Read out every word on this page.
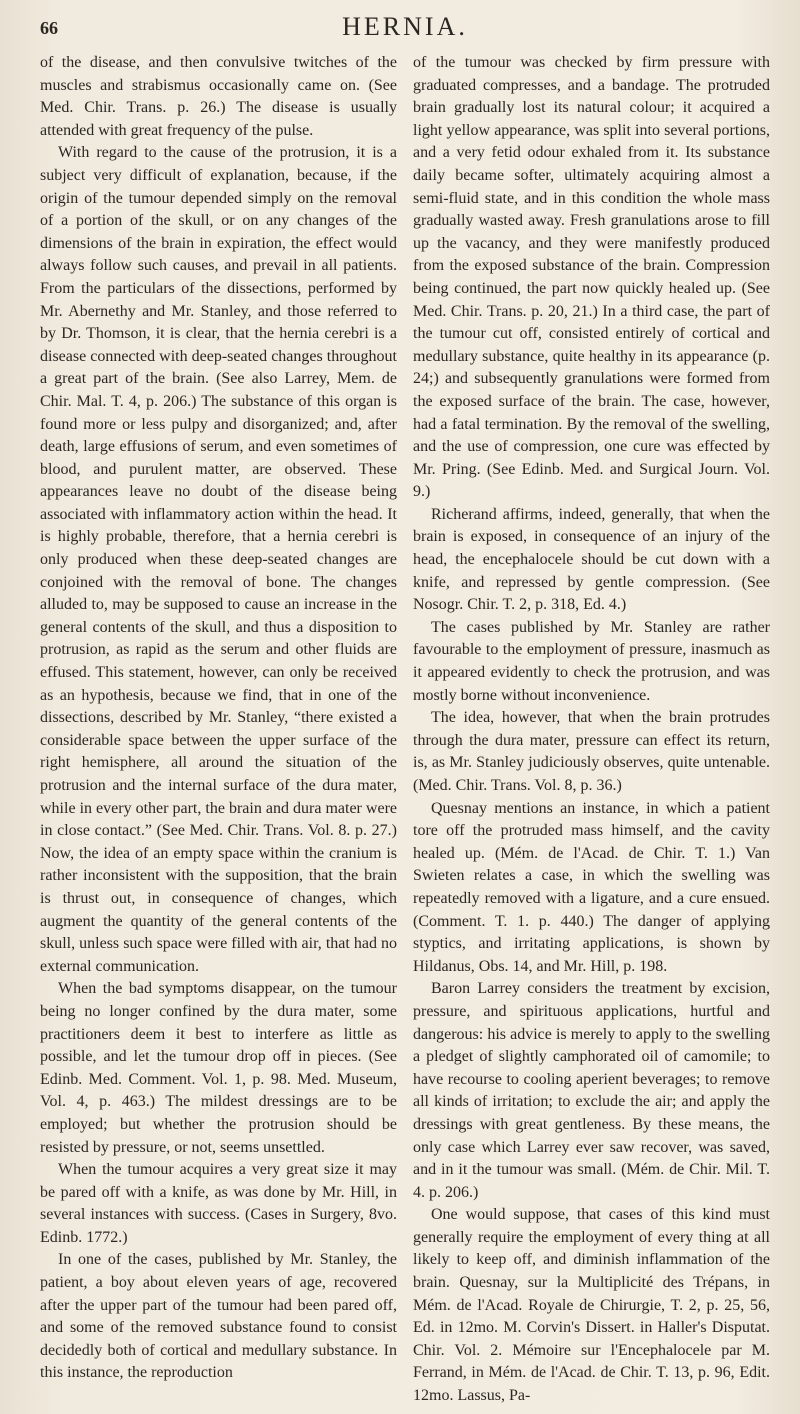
66	HERNIA.

of the disease, and then convulsive twitches of the muscles and strabismus occasionally came on. (See Med. Chir. Trans. p. 26.) The disease is usually attended with great frequency of the pulse.

With regard to the cause of the protrusion, it is a subject very difficult of explanation, because, if the origin of the tumour depended simply on the removal of a portion of the skull, or on any changes of the dimensions of the brain in expiration, the effect would always follow such causes, and prevail in all patients. From the particulars of the dissections, performed by Mr. Abernethy and Mr. Stanley, and those referred to by Dr. Thomson, it is clear, that the hernia cerebri is a disease connected with deep-seated changes throughout a great part of the brain. (See also Larrey, Mem. de Chir. Mal. T. 4, p. 206.) The substance of this organ is found more or less pulpy and disorganized; and, after death, large effusions of serum, and even sometimes of blood, and purulent matter, are observed. These appearances leave no doubt of the disease being associated with inflammatory action within the head. It is highly probable, therefore, that a hernia cerebri is only produced when these deep-seated changes are conjoined with the removal of bone. The changes alluded to, may be supposed to cause an increase in the general contents of the skull, and thus a disposition to protrusion, as rapid as the serum and other fluids are effused. This statement, however, can only be received as an hypothesis, because we find, that in one of the dissections, described by Mr. Stanley, “there existed a considerable space between the upper surface of the right hemisphere, all around the situation of the protrusion and the internal surface of the dura mater, while in every other part, the brain and dura mater were in close contact.” (See Med. Chir. Trans. Vol. 8. p. 27.) Now, the idea of an empty space within the cranium is rather inconsistent with the supposition, that the brain is thrust out, in consequence of changes, which augment the quantity of the general contents of the skull, unless such space were filled with air, that had no external communication.

When the bad symptoms disappear, on the tumour being no longer confined by the dura mater, some practitioners deem it best to interfere as little as possible, and let the tumour drop off in pieces. (See Edinb. Med. Comment. Vol. 1, p. 98. Med. Museum, Vol. 4, p. 463.) The mildest dressings are to be employed; but whether the protrusion should be resisted by pressure, or not, seems unsettled.

When the tumour acquires a very great size it may be pared off with a knife, as was done by Mr. Hill, in several instances with success. (Cases in Surgery, 8vo. Edinb. 1772.)

In one of the cases, published by Mr. Stanley, the patient, a boy about eleven years of age, recovered after the upper part of the tumour had been pared off, and some of the removed substance found to consist decidedly both of cortical and medullary substance. In this instance, the reproduction

of the tumour was checked by firm pressure with graduated compresses, and a bandage. The protruded brain gradually lost its natural colour; it acquired a light yellow appearance, was split into several portions, and a very fetid odour exhaled from it. Its substance daily became softer, ultimately acquiring almost a semi-fluid state, and in this condition the whole mass gradually wasted away. Fresh granulations arose to fill up the vacancy, and they were manifestly produced from the exposed substance of the brain. Compression being continued, the part now quickly healed up. (See Med. Chir. Trans. p. 20, 21.) In a third case, the part of the tumour cut off, consisted entirely of cortical and medullary substance, quite healthy in its appearance (p. 24;) and subsequently granulations were formed from the exposed surface of the brain. The case, however, had a fatal termination. By the removal of the swelling, and the use of compression, one cure was effected by Mr. Pring. (See Edinb. Med. and Surgical Journ. Vol. 9.)

Richerand affirms, indeed, generally, that when the brain is exposed, in consequence of an injury of the head, the encephalocele should be cut down with a knife, and repressed by gentle compression. (See Nosogr. Chir. T. 2, p. 318, Ed. 4.)

The cases published by Mr. Stanley are rather favourable to the employment of pressure, inasmuch as it appeared evidently to check the protrusion, and was mostly borne without inconvenience.

The idea, however, that when the brain protrudes through the dura mater, pressure can effect its return, is, as Mr. Stanley judiciously observes, quite untenable. (Med. Chir. Trans. Vol. 8, p. 36.)

Quesnay mentions an instance, in which a patient tore off the protruded mass himself, and the cavity healed up. (Mém. de l'Acad. de Chir. T. 1.) Van Swieten relates a case, in which the swelling was repeatedly removed with a ligature, and a cure ensued. (Comment. T. 1. p. 440.) The danger of applying styptics, and irritating applications, is shown by Hildanus, Obs. 14, and Mr. Hill, p. 198.

Baron Larrey considers the treatment by excision, pressure, and spirituous applications, hurtful and dangerous: his advice is merely to apply to the swelling a pledget of slightly camphorated oil of camomile; to have recourse to cooling aperient beverages; to remove all kinds of irritation; to exclude the air; and apply the dressings with great gentleness. By these means, the only case which Larrey ever saw recover, was saved, and in it the tumour was small. (Mém. de Chir. Mil. T. 4. p. 206.)

One would suppose, that cases of this kind must generally require the employment of every thing at all likely to keep off, and diminish inflammation of the brain. Quesnay, sur la Multiplicité des Trépans, in Mém. de l'Acad. Royale de Chirurgie, T. 2, p. 25, 56, Ed. in 12mo. M. Corvin's Dissert. in Haller's Disputat. Chir. Vol. 2. Mémoire sur l'Encephalocele par M. Ferrand, in Mém. de l'Acad. de Chir. T. 13, p. 96, Edit. 12mo. Lassus, Pa-
